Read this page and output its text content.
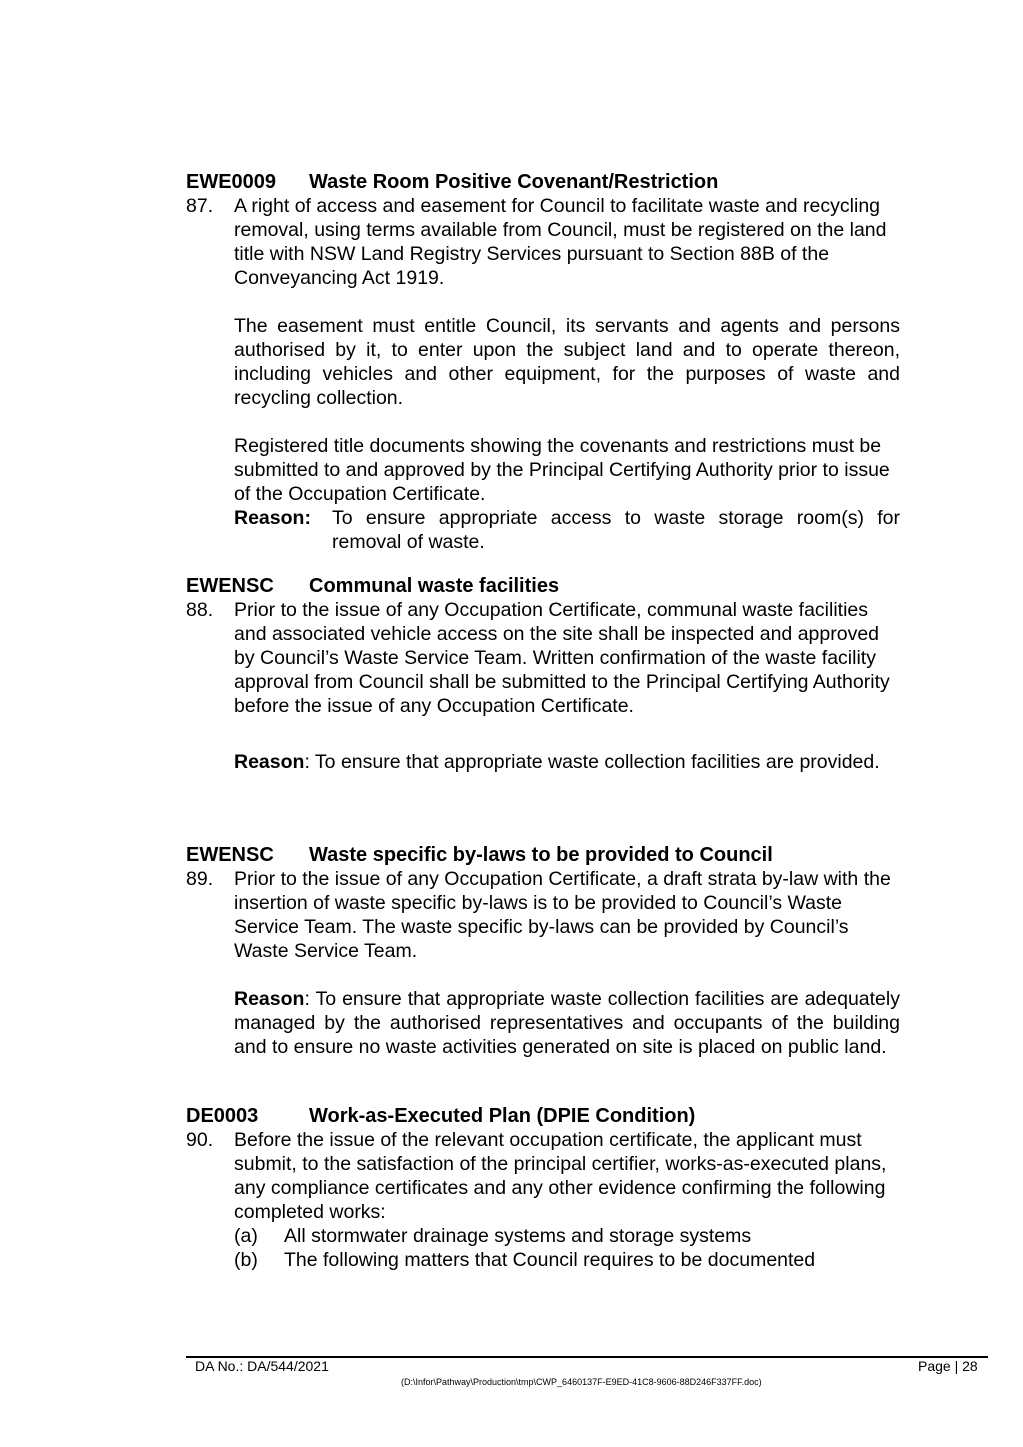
EWE0009 Waste Room Positive Covenant/Restriction
87. A right of access and easement for Council to facilitate waste and recycling removal, using terms available from Council, must be registered on the land title with NSW Land Registry Services pursuant to Section 88B of the Conveyancing Act 1919.

The easement must entitle Council, its servants and agents and persons authorised by it, to enter upon the subject land and to operate thereon, including vehicles and other equipment, for the purposes of waste and recycling collection.

Registered title documents showing the covenants and restrictions must be submitted to and approved by the Principal Certifying Authority prior to issue of the Occupation Certificate.

Reason:	To ensure appropriate access to waste storage room(s) for removal of waste.
EWENSC Communal waste facilities
88. Prior to the issue of any Occupation Certificate, communal waste facilities and associated vehicle access on the site shall be inspected and approved by Council’s Waste Service Team. Written confirmation of the waste facility approval from Council shall be submitted to the Principal Certifying Authority before the issue of any Occupation Certificate.

Reason: To ensure that appropriate waste collection facilities are provided.

EWENSC Waste specific by-laws to be provided to Council
89. Prior to the issue of any Occupation Certificate, a draft strata by-law with the insertion of waste specific by-laws is to be provided to Council’s Waste Service Team. The waste specific by-laws can be provided by Council’s Waste Service Team.

Reason: To ensure that appropriate waste collection facilities are adequately managed by the authorised representatives and occupants of the building and to ensure no waste activities generated on site is placed on public land.

DE0003	Work-as-Executed Plan (DPIE Condition)
90. Before the issue of the relevant occupation certificate, the applicant must submit, to the satisfaction of the principal certifier, works-as-executed plans, any compliance certificates and any other evidence confirming the following completed works:

(a) All stormwater drainage systems and storage systems
(b) The following matters that Council requires to be documented
DA No.: DA/544/2021	Page | 28
(D:\Infor\Pathway\Production\tmp\CWP_6460137F-E9ED-41C8-9606-88D246F337FF.doc)
